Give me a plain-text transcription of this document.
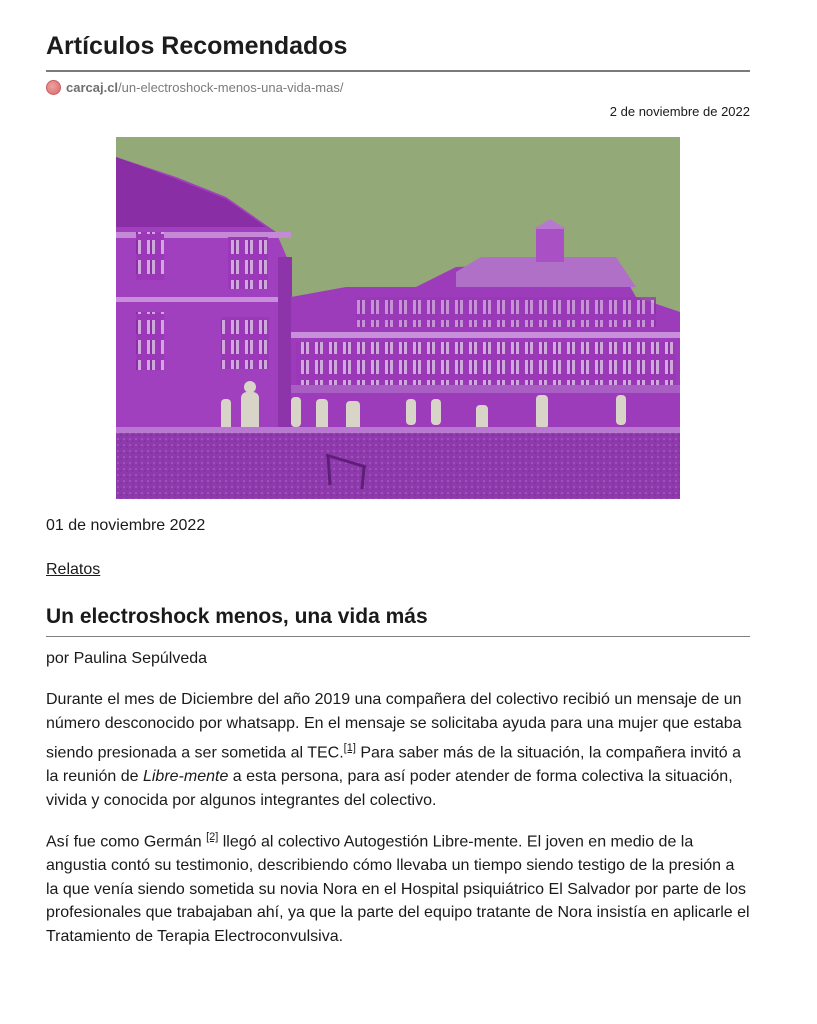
Artículos Recomendados
carcaj.cl /un-electroshock-menos-una-vida-mas/
2 de noviembre de 2022
01 de noviembre 2022
Relatos
Un electroshock menos, una vida más
por Paulina Sepúlveda

Durante el mes de Diciembre del año 2019 una compañera del colectivo recibió un mensaje de un número desconocido por whatsapp. En el mensaje se solicitaba ayuda para una mujer que estaba siendo presionada a ser sometida al TEC.[1] Para saber más de la situación, la compañera invitó a la reunión de Libre-mente a esta persona, para así poder atender de forma colectiva la situación, vivida y conocida por algunos integrantes del colectivo.

Así fue como Germán [2] llegó al colectivo Autogestión Libre-mente. El joven en medio de la angustia contó su testimonio, describiendo cómo llevaba un tiempo siendo testigo de la presión a la que venía siendo sometida su novia Nora en el Hospital psiquiátrico El Salvador por parte de los profesionales que trabajaban ahí, ya que la parte del equipo tratante de Nora insistía en aplicarle el Tratamiento de Terapia Electroconvulsiva.
